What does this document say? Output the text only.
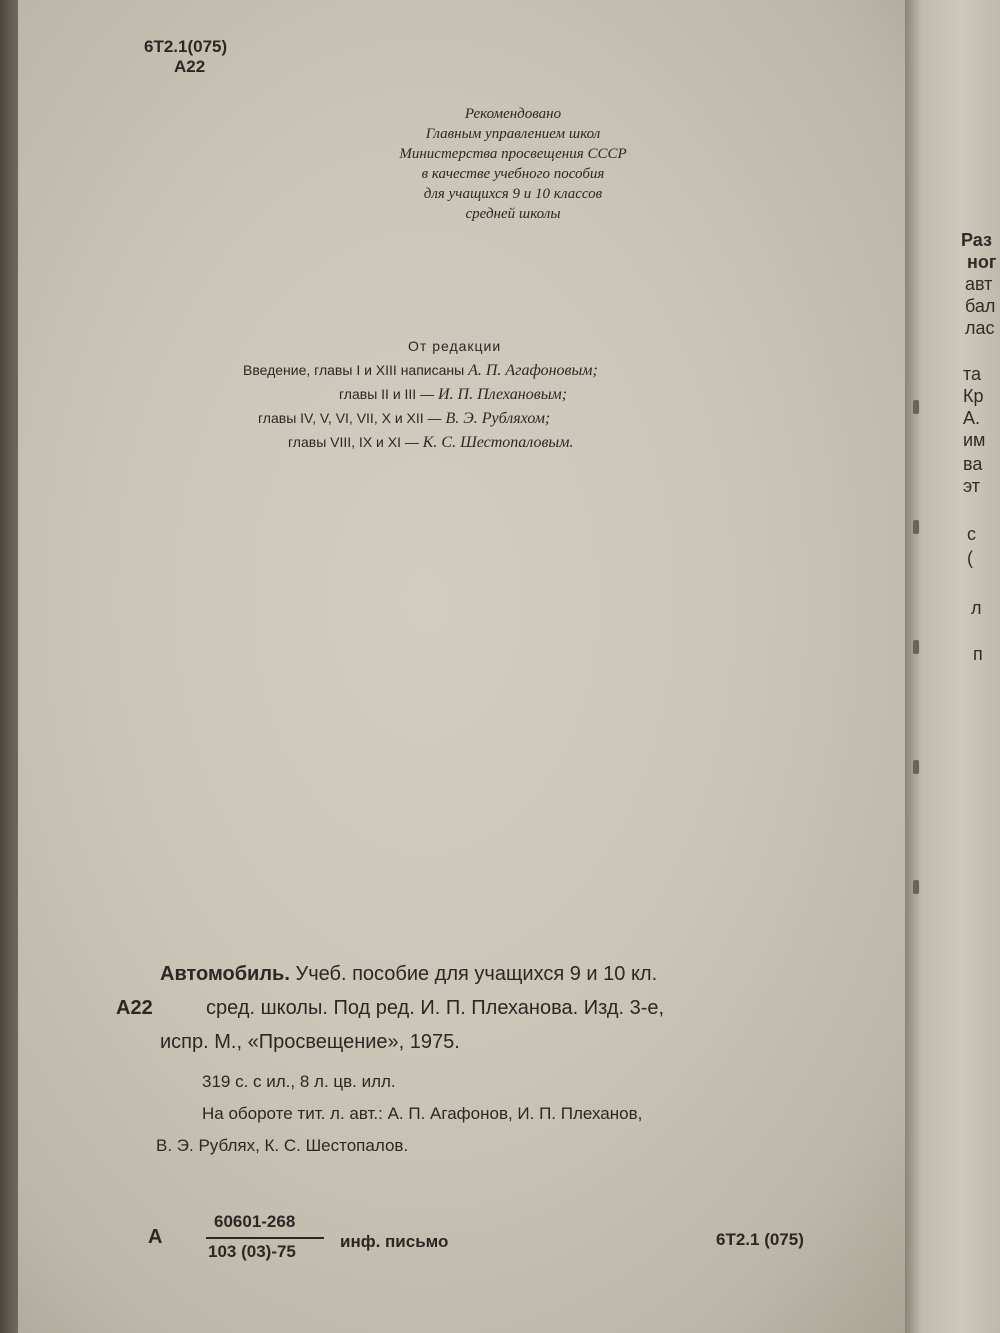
6Т2.1(075)
А22
Рекомендовано
Главным управлением школ
Министерства просвещения СССР
в качестве учебного пособия
для учащихся 9 и 10 классов
средней школы
От редакции
Введение, главы I и XIII написаны А. П. Агафоновым;
главы II и III — И. П. Плехановым;
главы IV, V, VI, VII, X и XII — В. Э. Рубляхом;
главы VIII, IX и XI — К. С. Шестопаловым.
Автомобиль. Учеб. пособие для учащихся 9 и 10 кл.
А22	сред. школы. Под ред. И. П. Плеханова. Изд. 3-е,
испр. М., «Просвещение», 1975.
319 с. с ил., 8 л. цв. илл.
На обороте тит. л. авт.: А. П. Агафонов, И. П. Плеханов,
В. Э. Рублях, К. С. Шестопалов.
А
60601-268
103 (03)-75
инф. письмо	6Т2.1 (075)
Раз
ног
авт
бал
лас
та
Кр
А.
им
ва
эт
с
(
л
п
